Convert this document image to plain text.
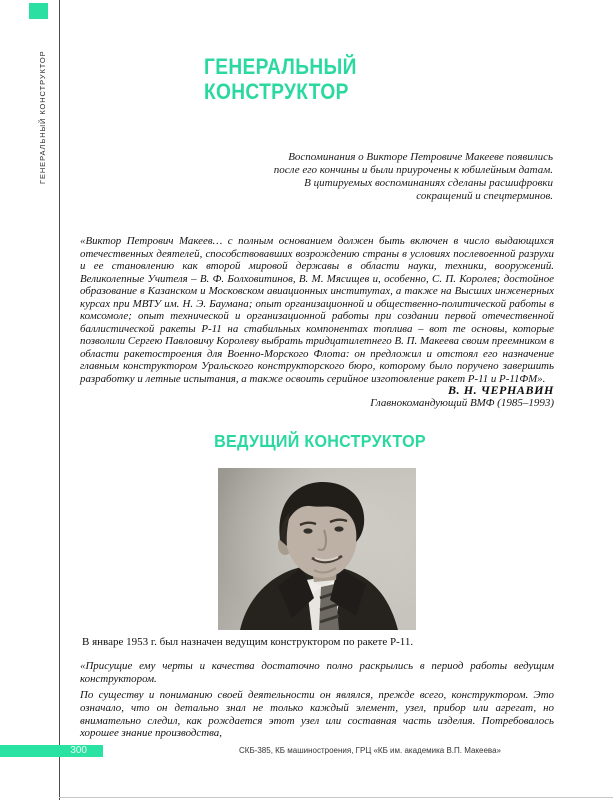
ГЕНЕРАЛЬНЫЙ КОНСТРУКТОР	ГЕНЕРАЛЬНЫЙ
КОНСТРУКТОР
Воспоминания о Викторе Петровиче Макееве появились
после его кончины и были приурочены к юбилейным датам.
В цитируемых воспоминаниях сделаны расшифровки
сокращений и спецтерминов.
«Виктор Петрович Макеев… с полным основанием должен быть включен в число выдающихся отечественных деятелей, способствовавших возрождению страны в условиях послевоенной разрухи и ее становлению как второй мировой державы в области науки, техники, вооружений. Великолепные Учителя – В. Ф. Болховитинов, В. М. Мясищев и, особенно, С. П. Королев; достойное образование в Казанском и Московском авиационных институтах, а также на Высших инженерных курсах при МВТУ им. Н. Э. Баумана; опыт организационной и общественно-политической работы в комсомоле; опыт технической и организационной работы при создании первой отечественной баллистической ракеты Р-11 на стабильных компонентах топлива – вот те основы, которые позволили Сергею Павловичу Королеву выбрать тридцатилетнего В. П. Макеева своим преемником в области ракетостроения для Военно-Морского Флота: он предложил и отстоял его назначение главным конструктором Уральского конструкторского бюро, которому было поручено завершить разработку и летные испытания, а также освоить серийное изготовление ракет Р-11 и Р-11ФМ».
В. Н. ЧЕРНАВИН
Главнокомандующий ВМФ (1985–1993)
ВЕДУЩИЙ КОНСТРУКТОР
В январе 1953 г. был назначен ведущим конструктором по ракете Р-11.
«Присущие ему черты и качества достаточно полно раскрылись в период работы ведущим конструктором.
По существу и пониманию своей деятельности он являлся, прежде всего, конструктором. Это означало, что он детально знал не только каждый элемент, узел, прибор или агрегат, но внимательно следил, как рождается этот узел или составная часть изделия. Потребовалось хорошее знание производства,
300	СКБ-385, КБ машиностроения, ГРЦ «КБ им. академика В.П. Макеева»
